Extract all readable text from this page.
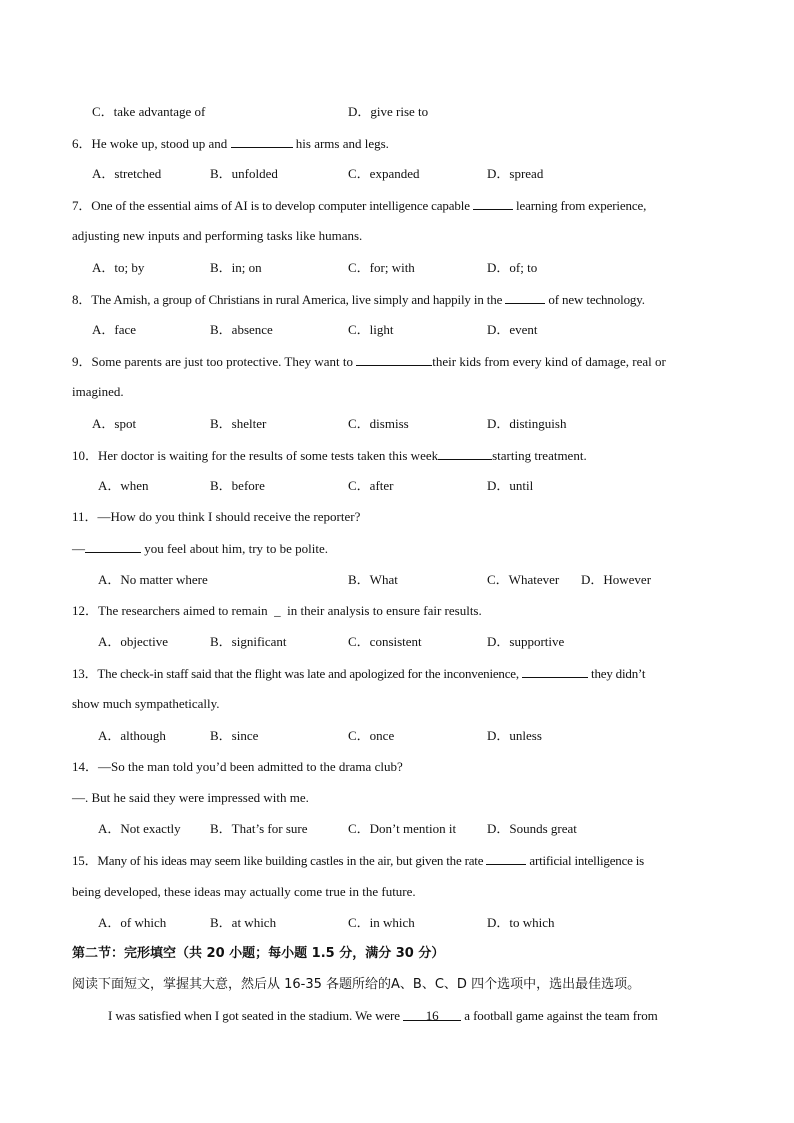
C．take advantage of	D．give rise to
6．He woke up, stood up and	his arms and legs.
A．stretched	B．unfolded	C．expanded	D．spread
7．One of the essential aims of AI is to develop computer intelligence capable	learning from experience,
adjusting new inputs and performing tasks like humans.
A．to; by	B．in; on	C．for; with	D．of; to
8．The Amish, a group of Christians in rural America, live simply and happily in the	of new technology.
A．face	B．absence	C．light	D．event
9．Some parents are just too protective. They want to	their kids from every kind of damage, real or
imagined.
A．spot	B．shelter	C．dismiss	D．distinguish
10．Her doctor is waiting for the results of some tests taken this week	starting treatment.
A．when	B．before	C．after	D．until
11．—How do you think I should receive the reporter?
—	you feel about him, try to be polite.
A．No matter where	B．What	C．Whatever D．However
12．The researchers aimed to remain _ in their analysis to ensure fair results.
A．objective	B．significant	C．consistent	D．supportive
13．The check-in staff said that the flight was late and apologized for the inconvenience,	they didn’t
show much sympathetically.
A．although	B．since	C．once	D．unless
14．—So the man told you’d been admitted to the drama club?
—. But he said they were impressed with me.
A．Not exactly B．That’s for sure	C．Don’t mention it D．Sounds great
15．Many of his ideas may seem like building castles in the air, but given the rate	artificial intelligence is
being developed, these ideas may actually come true in the future.
A．of which	B．at which	C．in which	D．to which
第二节：完形填空（共 20 小题；每小题 1.5 分，满分 30 分）
阅读下面短文，掌握其大意，然后从 16-35 各题所给的A、B、C、D 四个选项中，选出最佳选项。
I was satisfied when I got seated in the stadium. We were 16 a football game against the team from
